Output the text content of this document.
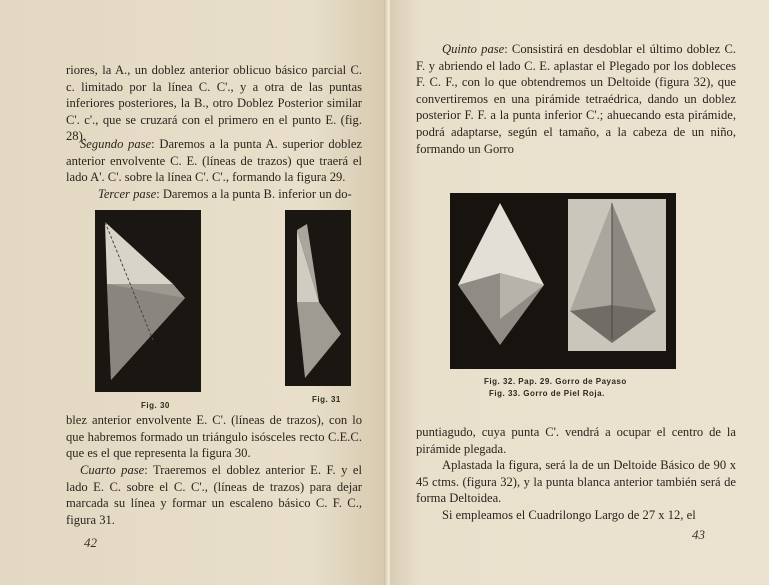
riores, la A., un doblez anterior oblicuo básico parcial C. c. limitado por la línea C. C'., y a otra de las puntas inferiores posteriores, la B., otro Doblez Posterior similar C'. c'., que se cruzará con el primero en el punto E. (fig. 28).

Segundo pase: Daremos a la punta A. superior doblez anterior envolvente C. E. (líneas de trazos) que traerá el lado A'. C'. sobre la línea C'. C'., formando la figura 29.

Tercer pase: Daremos a la punta B. inferior un do-

Fig. 30
Fig. 31

blez anterior envolvente E. C'. (líneas de trazos), con lo que habremos formado un triángulo isósceles recto C.E.C. que es el que representa la figura 30.

Cuarto pase: Traeremos el doblez anterior E. F. y el lado E. C. sobre el C. C'., (líneas de trazos) para dejar marcada su línea y formar un escaleno básico C. F. C., figura 31.

42

Quinto pase: Consistirá en desdoblar el último doblez C. F. y abriendo el lado C. E. aplastar el Plegado por los dobleces F. C. F., con lo que obtendremos un Deltoide (figura 32), que convertiremos en una pirámide tetraédrica, dando un doblez posterior F. F. a la punta inferior C'.; ahuecando esta pirámide, podrá adaptarse, según el tamaño, a la cabeza de un niño, formando un Gorro

Fig. 32. Pap. 29. Gorro de Payaso
Fig. 33. Gorro de Piel Roja.

puntiagudo, cuya punta C'. vendrá a ocupar el centro de la pirámide plegada.

Aplastada la figura, será la de un Deltoide Básico de 90 x 45 ctms. (figura 32), y la punta blanca anterior también será de forma Deltoidea.

Si empleamos el Cuadrilongo Largo de 27 x 12, el

43
